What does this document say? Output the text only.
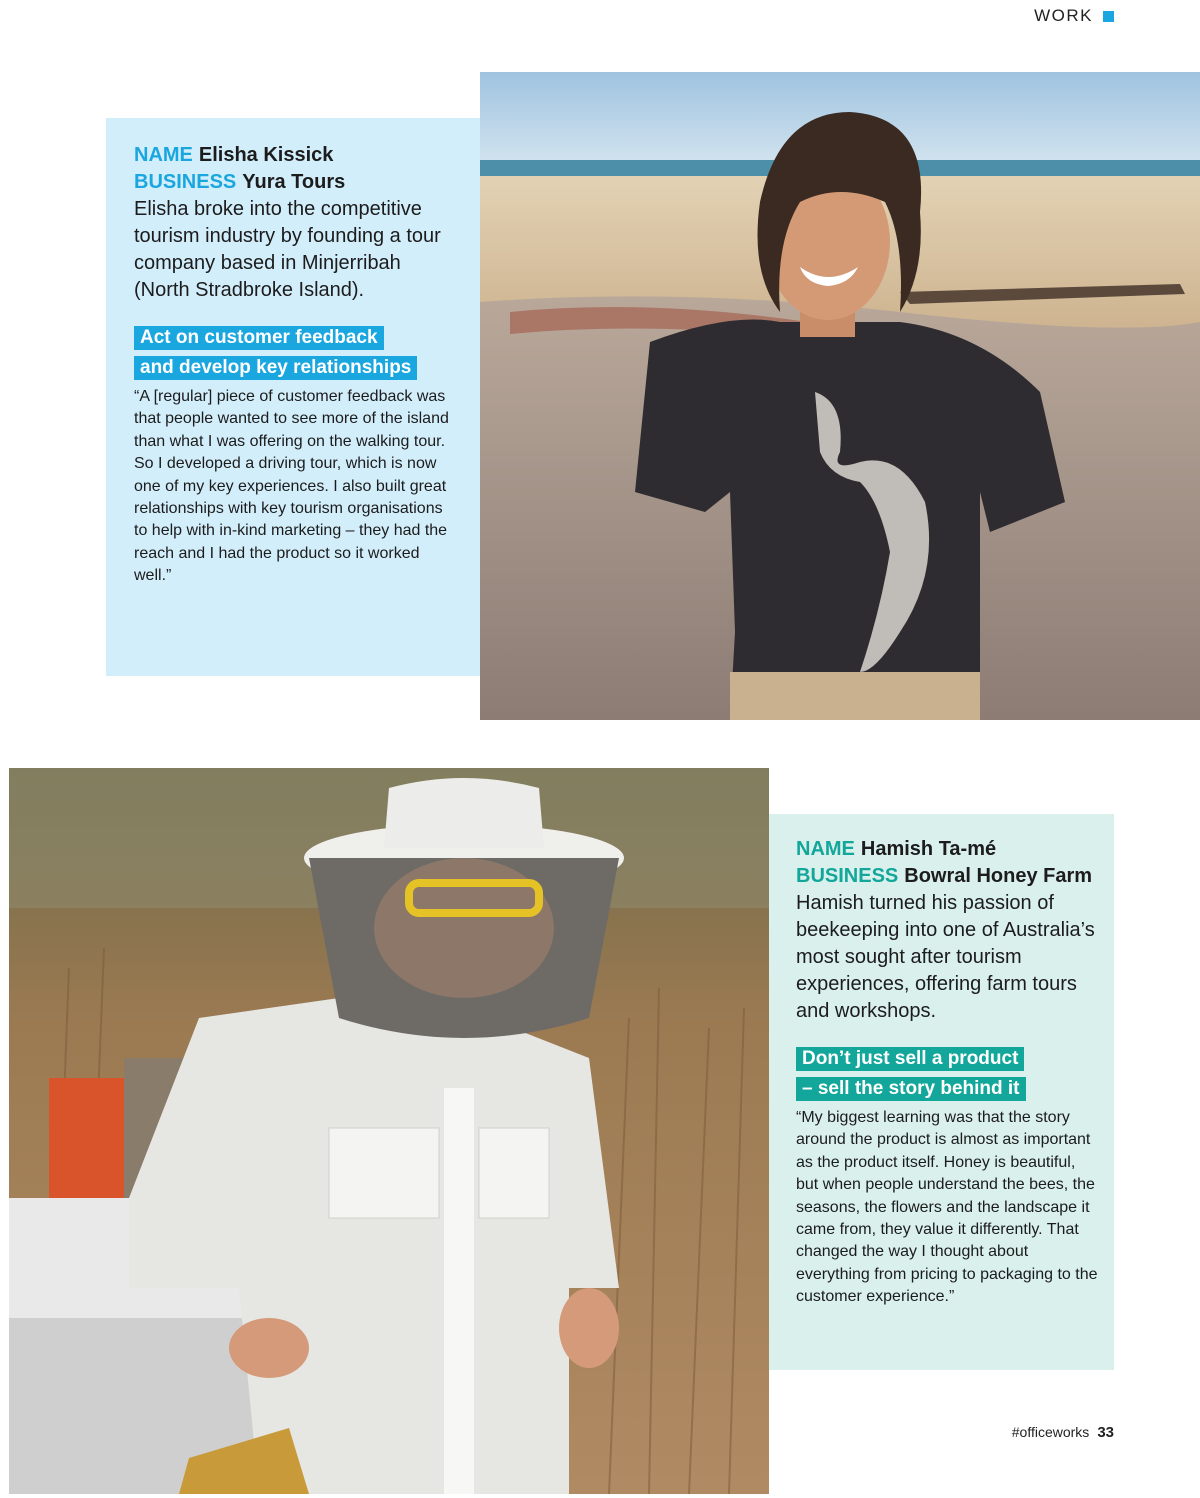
WORK
NAME Elisha Kissick
BUSINESS Yura Tours

Elisha broke into the competitive tourism industry by founding a tour company based in Minjerribah (North Stradbroke Island).

Act on customer feedback
and develop key relationships

“A [regular] piece of customer feedback was that people wanted to see more of the island than what I was offering on the walking tour. So I developed a driving tour, which is now one of my key experiences. I also built great relationships with key tourism organisations to help with in-kind marketing – they had the reach and I had the product so it worked well.”

NAME Hamish Ta-mé
BUSINESS Bowral Honey Farm

Hamish turned his passion of beekeeping into one of Australia’s most sought after tourism experiences, offering farm tours and workshops.

Don’t just sell a product
– sell the story behind it

“My biggest learning was that the story around the product is almost as important as the product itself. Honey is beautiful, but when people understand the bees, the seasons, the flowers and the landscape it came from, they value it differently. That changed the way I thought about everything from pricing to packaging to the customer experience.”

#officeworks 33
